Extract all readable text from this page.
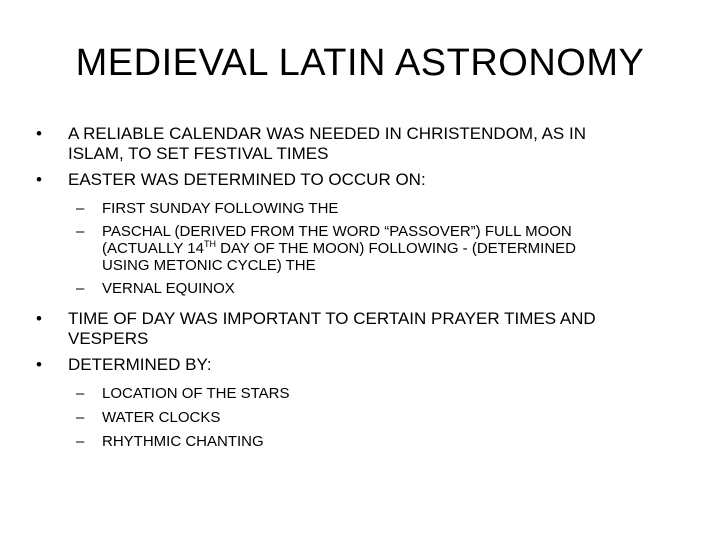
MEDIEVAL LATIN ASTRONOMY
• A RELIABLE CALENDAR WAS NEEDED IN CHRISTENDOM, AS IN
ISLAM, TO SET FESTIVAL TIMES
• EASTER WAS DETERMINED TO OCCUR ON:
– FIRST SUNDAY FOLLOWING THE
– PASCHAL (DERIVED FROM THE WORD “PASSOVER”) FULL MOON
(ACTUALLY 14TH DAY OF THE MOON) FOLLOWING - (DETERMINED
USING METONIC CYCLE) THE
– VERNAL EQUINOX
• TIME OF DAY WAS IMPORTANT TO CERTAIN PRAYER TIMES AND
VESPERS
• DETERMINED BY:
– LOCATION OF THE STARS
– WATER CLOCKS
– RHYTHMIC CHANTING
